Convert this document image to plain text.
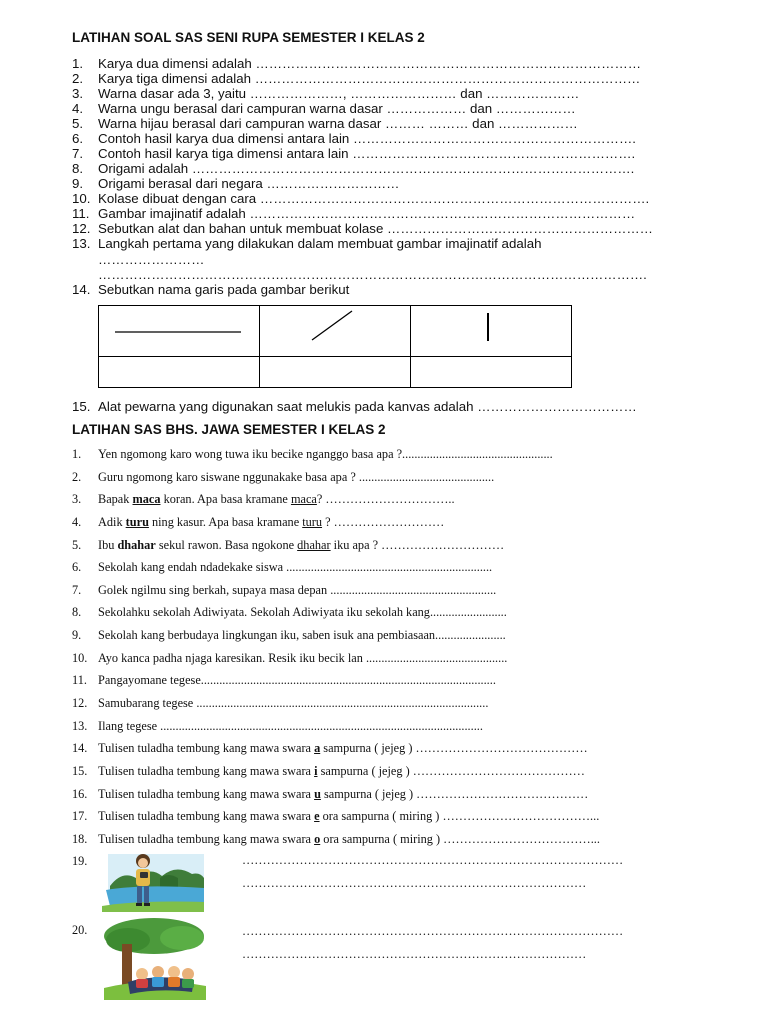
LATIHAN SOAL SAS SENI RUPA SEMESTER I KELAS 2
1. Karya dua dimensi adalah ……………………………………………………………………………
2. Karya tiga dimensi adalah ……………………………………………………………………………
3. Warna dasar ada 3, yaitu …………………, …………………… dan …………………
4. Warna ungu berasal dari campuran warna dasar ……………… dan ………………
5. Warna hijau berasal dari campuran warna dasar ……… ……… dan ………………
6. Contoh hasil karya dua dimensi antara lain ……………………………………………………….
7. Contoh hasil karya tiga dimensi antara lain ……………………………………………………….
8. Origami adalah ……………………………………………………………………………………….
9. Origami berasal dari negara …………………………
10. Kolase dibuat dengan cara …………………………………………………………………………….
11. Gambar imajinatif adalah ……………………………………………………………………………
12. Sebutkan alat dan bahan untuk membuat kolase ……………………………………………………
13. Langkah pertama yang dilakukan dalam membuat gambar imajinatif adalah
……………………
…………………………………………………………………………………………………………….
14. Sebutkan nama garis pada gambar berikut

15. Alat pewarna yang digunakan saat melukis pada kanvas adalah ………………………………
LATIHAN SAS BHS. JAWA SEMESTER I KELAS 2
1. Yen ngomong karo wong tuwa iku becike nganggo basa apa ?.................................................
2. Guru ngomong karo siswane nggunakake basa apa ? ............................................
3. Bapak maca koran. Apa basa kramane maca? …………………………..
4. Adik turu ning kasur. Apa basa kramane turu ? ………………………
5. Ibu dhahar sekul rawon. Basa ngokone dhahar iku apa ? …………………………
6. Sekolah kang endah ndadekake siswa ...................................................................
7. Golek ngilmu sing berkah, supaya masa depan ......................................................
8. Sekolahku sekolah Adiwiyata. Sekolah Adiwiyata iku sekolah kang.........................
9. Sekolah kang berbudaya lingkungan iku, saben isuk ana pembiasaan.......................
10. Ayo kanca padha njaga karesikan. Resik iku becik lan ..............................................
11. Pangayomane tegese................................................................................................
12. Samubarang tegese ...............................................................................................
13. Ilang tegese .........................................................................................................
14. Tulisen tuladha tembung kang mawa swara a sampurna ( jejeg ) ……………………………………
15. Tulisen tuladha tembung kang mawa swara i sampurna ( jejeg ) ……………………………………
16. Tulisen tuladha tembung kang mawa swara u sampurna ( jejeg ) ……………………………………
17. Tulisen tuladha tembung kang mawa swara e ora sampurna ( miring ) ………………………………...
18. Tulisen tuladha tembung kang mawa swara o ora sampurna ( miring ) ………………………………...
19.	…………………………………………………………………………………
…………………………………………………………………………
20.	…………………………………………………………………………………
…………………………………………………………………………
